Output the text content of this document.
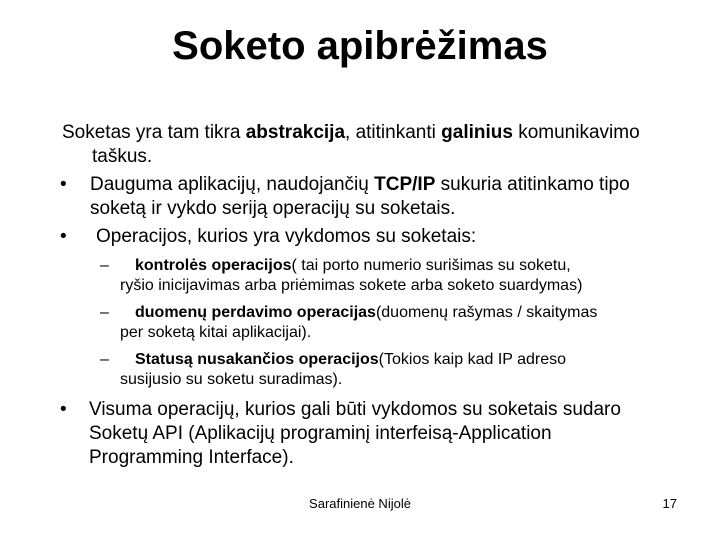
Soketo apibrėžimas
Soketas yra tam tikra abstrakcija, atitinkanti galinius komunikavimo
taškus.
• Dauguma aplikacijų, naudojančių TCP/IP sukuria atitinkamo tipo
soketą ir vykdo seriją operacijų su soketais.
• Operacijos, kurios yra vykdomos su soketais:
– kontrolės operacijos( tai porto numerio surišimas su soketu,
ryšio inicijavimas arba priėmimas sokete arba soketo suardymas)
– duomenų perdavimo operacijas(duomenų rašymas / skaitymas
per soketą kitai aplikacijai).
– Statusą nusakančios operacijos(Tokios kaip kad IP adreso
susijusio su soketu suradimas).
• Visuma operacijų, kurios gali būti vykdomos su soketais sudaro
Soketų API (Aplikacijų programinį interfeisą-Application
Programming Interface).
Sarafinienė Nijolė	17
